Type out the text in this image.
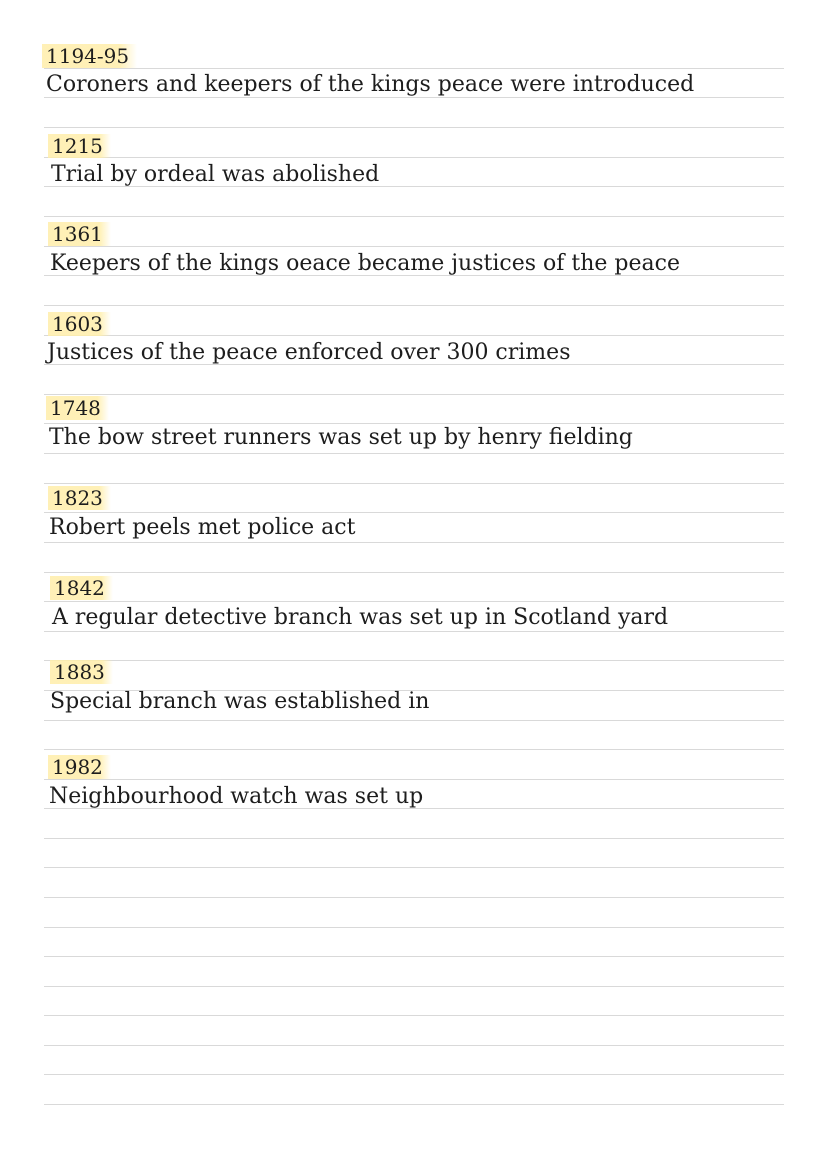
1194-95
Coroners and keepers of the kings peace were introduced
1215
Trial by ordeal was abolished
1361
Keepers of the kings oeace became justices of the peace
1603
Justices of the peace enforced over 300 crimes
1748
The bow street runners was set up by henry fielding
1823
Robert peels met police act
1842
A regular detective branch was set up in Scotland yard
1883
Special branch was established in
1982
Neighbourhood watch was set up
